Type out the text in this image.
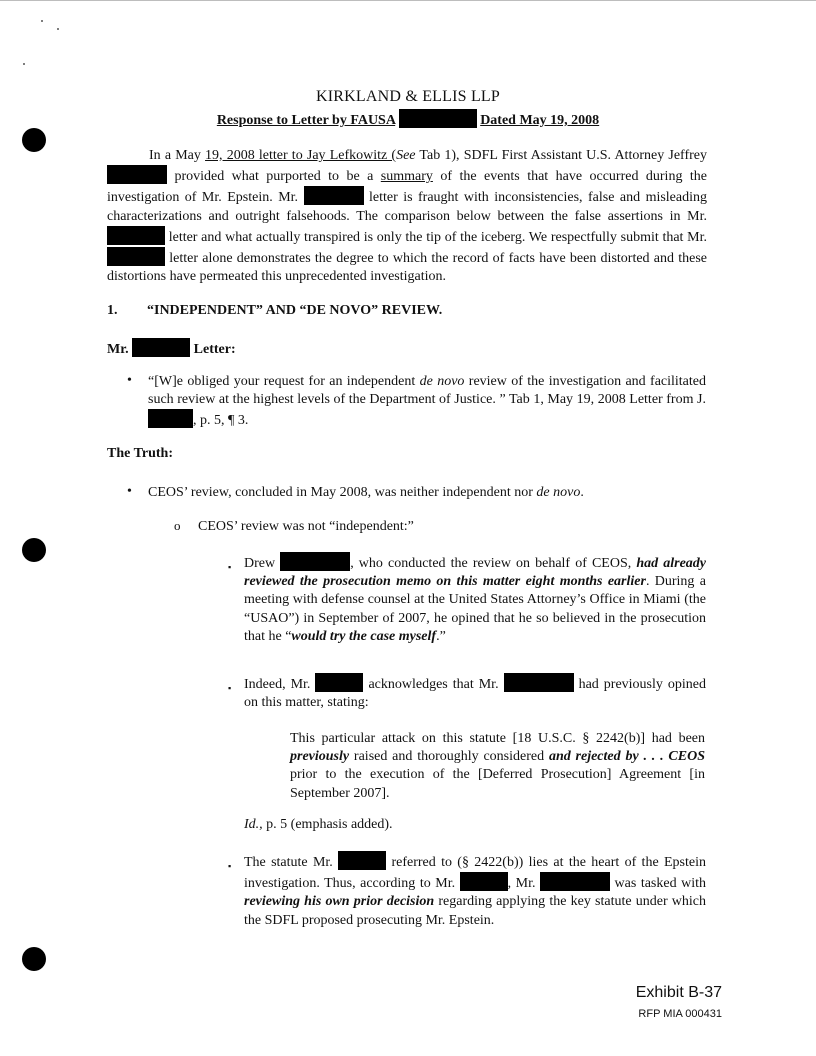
KIRKLAND & ELLIS LLP
Response to Letter by FAUSA	Dated May 19, 2008
In a May 19, 2008 letter to Jay Lefkowitz (See Tab 1), SDFL First Assistant U.S. Attorney Jeffrey  provided what purported to be a summary of the events that have occurred during the investigation of Mr. Epstein. Mr.	letter is fraught with inconsistencies, false and misleading characterizations and outright falsehoods. The comparison below between the false assertions in Mr.  letter and what actually transpired is only the tip of the iceberg. We respectfully submit that Mr.  letter alone demonstrates the degree to which the record of facts have been distorted and these distortions have permeated this unprecedented investigation.
1. “INDEPENDENT” AND “DE NOVO” REVIEW.
Mr.	Letter:
• “[W]e obliged your request for an independent de novo review of the investigation and facilitated such review at the highest levels of the Department of Justice. ” Tab 1, May 19, 2008 Letter from J. , p. 5, ¶ 3.
The Truth:
• CEOS’ review, concluded in May 2008, was neither independent nor de novo.
o CEOS’ review was not “independent:”
▪ Drew	, who conducted the review on behalf of CEOS, had already reviewed the prosecution memo on this matter eight months earlier. During a meeting with defense counsel at the United States Attorney’s Office in Miami (the “USAO”) in September of 2007, he opined that he so believed in the prosecution that he “would try the case myself.”
▪ Indeed, Mr.	acknowledges that Mr.	had previously opined on this matter, stating:
This particular attack on this statute [18 U.S.C. § 2242(b)] had been previously raised and thoroughly considered and rejected by . . . CEOS prior to the execution of the [Deferred Prosecution] Agreement [in September 2007].
Id., p. 5 (emphasis added).
▪ The statute Mr.	referred to (§ 2422(b)) lies at the heart of the Epstein investigation. Thus, according to Mr.	, Mr.	was tasked with reviewing his own prior decision regarding applying the key statute under which the SDFL proposed prosecuting Mr. Epstein.
Exhibit B-37
RFP MIA 000431
